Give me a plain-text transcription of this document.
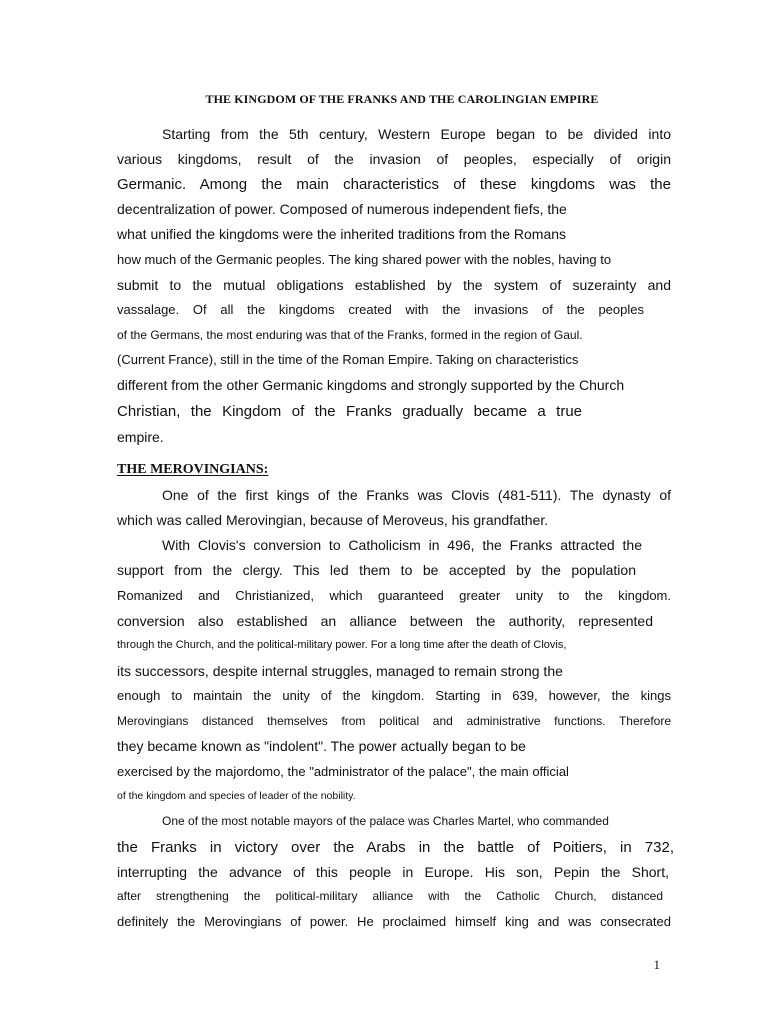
THE KINGDOM OF THE FRANKS AND THE CAROLINGIAN EMPIRE
Starting from the 5th century, Western Europe began to be divided into
various kingdoms, result of the invasion of peoples, especially of origin
Germanic. Among the main characteristics of these kingdoms was the
decentralization of power. Composed of numerous independent fiefs, the
what unified the kingdoms were the inherited traditions from the Romans
how much of the Germanic peoples. The king shared power with the nobles, having to
submit to the mutual obligations established by the system of suzerainty and
vassalage. Of all the kingdoms created with the invasions of the peoples
of the Germans, the most enduring was that of the Franks, formed in the region of Gaul.
(Current France), still in the time of the Roman Empire. Taking on characteristics
different from the other Germanic kingdoms and strongly supported by the Church
Christian, the Kingdom of the Franks gradually became a true
empire.
THE MEROVINGIANS:
One of the first kings of the Franks was Clovis (481-511). The dynasty of
which was called Merovingian, because of Meroveus, his grandfather.
With Clovis's conversion to Catholicism in 496, the Franks attracted the
support from the clergy. This led them to be accepted by the population
Romanized and Christianized, which guaranteed greater unity to the kingdom.
conversion also established an alliance between the authority, represented
through the Church, and the political-military power. For a long time after the death of Clovis,
its successors, despite internal struggles, managed to remain strong the
enough to maintain the unity of the kingdom. Starting in 639, however, the kings
Merovingians distanced themselves from political and administrative functions. Therefore
they became known as "indolent". The power actually began to be
exercised by the majordomo, the "administrator of the palace", the main official
of the kingdom and species of leader of the nobility.
One of the most notable mayors of the palace was Charles Martel, who commanded
the Franks in victory over the Arabs in the battle of Poitiers, in 732,
interrupting the advance of this people in Europe. His son, Pepin the Short,
after strengthening the political-military alliance with the Catholic Church, distanced
definitely the Merovingians of power. He proclaimed himself king and was consecrated
1
